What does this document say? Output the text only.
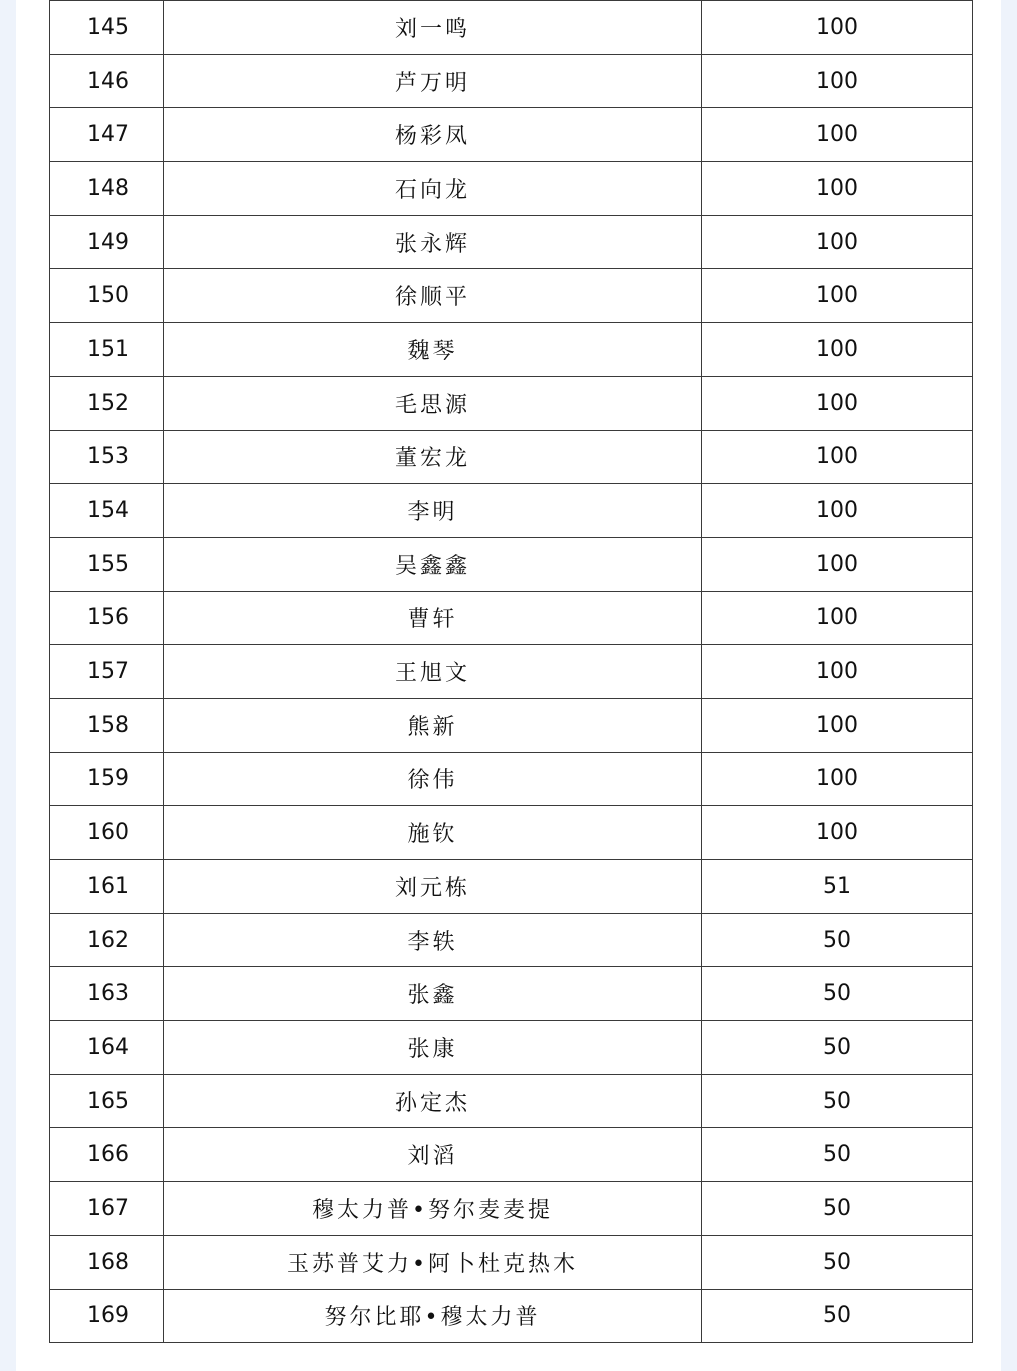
145	刘一鸣	100
146	芦万明	100
147	杨彩凤	100
148	石向龙	100
149	张永辉	100
150	徐顺平	100
151	魏琴	100
152	毛思源	100
153	董宏龙	100
154	李明	100
155	吴鑫鑫	100
156	曹轩	100
157	王旭文	100
158	熊新	100
159	徐伟	100
160	施钦	100
161	刘元栋	51
162	李轶	50
163	张鑫	50
164	张康	50
165	孙定杰	50
166	刘滔	50
167	穆太力普•努尔麦麦提	50
168	玉苏普艾力•阿卜杜克热木	50
169	努尔比耶•穆太力普	50
